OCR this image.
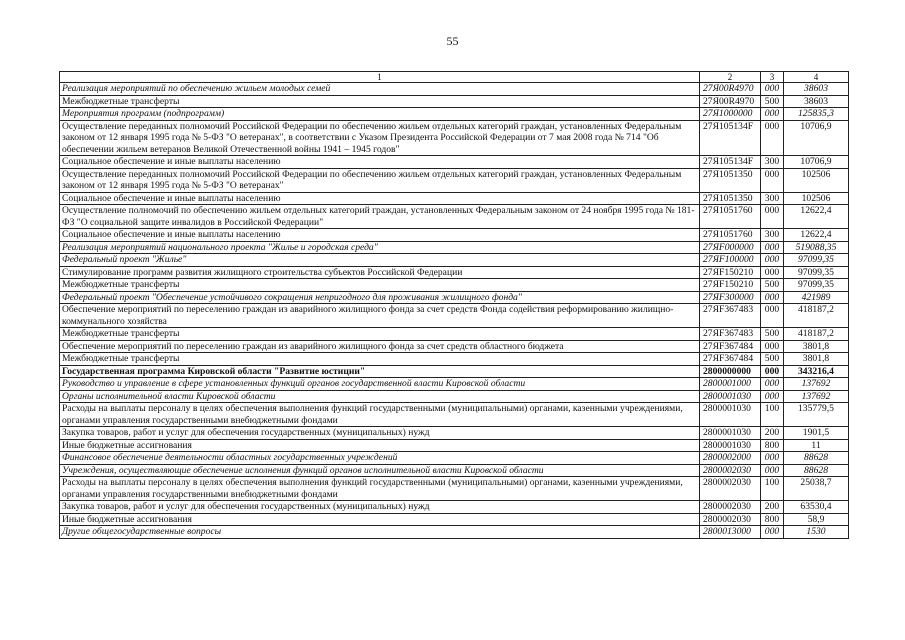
55
1	2	3	4
Реализация мероприятий по обеспечению жильем молодых семей	27Я00R4970	000	38603
Межбюджетные трансферты	27Я00R4970	500	38603
Мероприятия программ (подпрограмм)	27Я1000000	000	125835,3
Осуществление переданных полномочий Российской Федерации по обеспечению жильем отдельных категорий граждан, установленных Федеральным законом от 12 января 1995 года № 5-ФЗ "О ветеранах", в соответствии с Указом Президента Российской Федерации от 7 мая 2008 года № 714 "Об обеспечении жильем ветеранов Великой Отечественной войны 1941 – 1945 годов"	27Я105134F	000	10706,9
Социальное обеспечение и иные выплаты населению	27Я105134F	300	10706,9
Осуществление переданных полномочий Российской Федерации по обеспечению жильем отдельных категорий граждан, установленных Федеральным законом от 12 января 1995 года № 5-ФЗ "О ветеранах"	27Я1051350	000	102506
Социальное обеспечение и иные выплаты населению	27Я1051350	300	102506
Осуществление полномочий по обеспечению жильем отдельных категорий граждан, установленных Федеральным законом от 24 ноября 1995 года № 181-ФЗ "О социальной защите инвалидов в Российской Федерации"	27Я1051760	000	12622,4
Социальное обеспечение и иные выплаты населению	27Я1051760	300	12622,4
Реализация мероприятий национального проекта "Жилье и городская среда"	27ЯF000000	000	519088,35
Федеральный проект "Жилье"	27ЯF100000	000	97099,35
Стимулирование программ развития жилищного строительства субъектов Российской Федерации	27ЯF150210	000	97099,35
Межбюджетные трансферты	27ЯF150210	500	97099,35
Федеральный проект "Обеспечение устойчивого сокращения непригодного для проживания жилищного фонда"	27ЯF300000	000	421989
Обеспечение мероприятий по переселению граждан из аварийного жилищного фонда за счет средств Фонда содействия реформированию жилищно-коммунального хозяйства	27ЯF367483	000	418187,2
Межбюджетные трансферты	27ЯF367483	500	418187,2
Обеспечение мероприятий по переселению граждан из аварийного жилищного фонда за счет средств областного бюджета	27ЯF367484	000	3801,8
Межбюджетные трансферты	27ЯF367484	500	3801,8
Государственная программа Кировской области "Развитие юстиции"	2800000000	000	343216,4
Руководство и управление в сфере установленных функций органов государственной власти Кировской области	2800001000	000	137692
Органы исполнительной власти Кировской области	2800001030	000	137692
Расходы на выплаты персоналу в целях обеспечения выполнения функций государственными (муниципальными) органами, казенными учреждениями, органами управления государственными внебюджетными фондами	2800001030	100	135779,5
Закупка товаров, работ и услуг для обеспечения государственных (муниципальных) нужд	2800001030	200	1901,5
Иные бюджетные ассигнования	2800001030	800	11
Финансовое обеспечение деятельности областных государственных учреждений	2800002000	000	88628
Учреждения, осуществляющие обеспечение исполнения функций органов исполнительной власти Кировской области	2800002030	000	88628
Расходы на выплаты персоналу в целях обеспечения выполнения функций государственными (муниципальными) органами, казенными учреждениями, органами управления государственными внебюджетными фондами	2800002030	100	25038,7
Закупка товаров, работ и услуг для обеспечения государственных (муниципальных) нужд	2800002030	200	63530,4
Иные бюджетные ассигнования	2800002030	800	58,9
Другие общегосударственные вопросы	2800013000	000	1530
